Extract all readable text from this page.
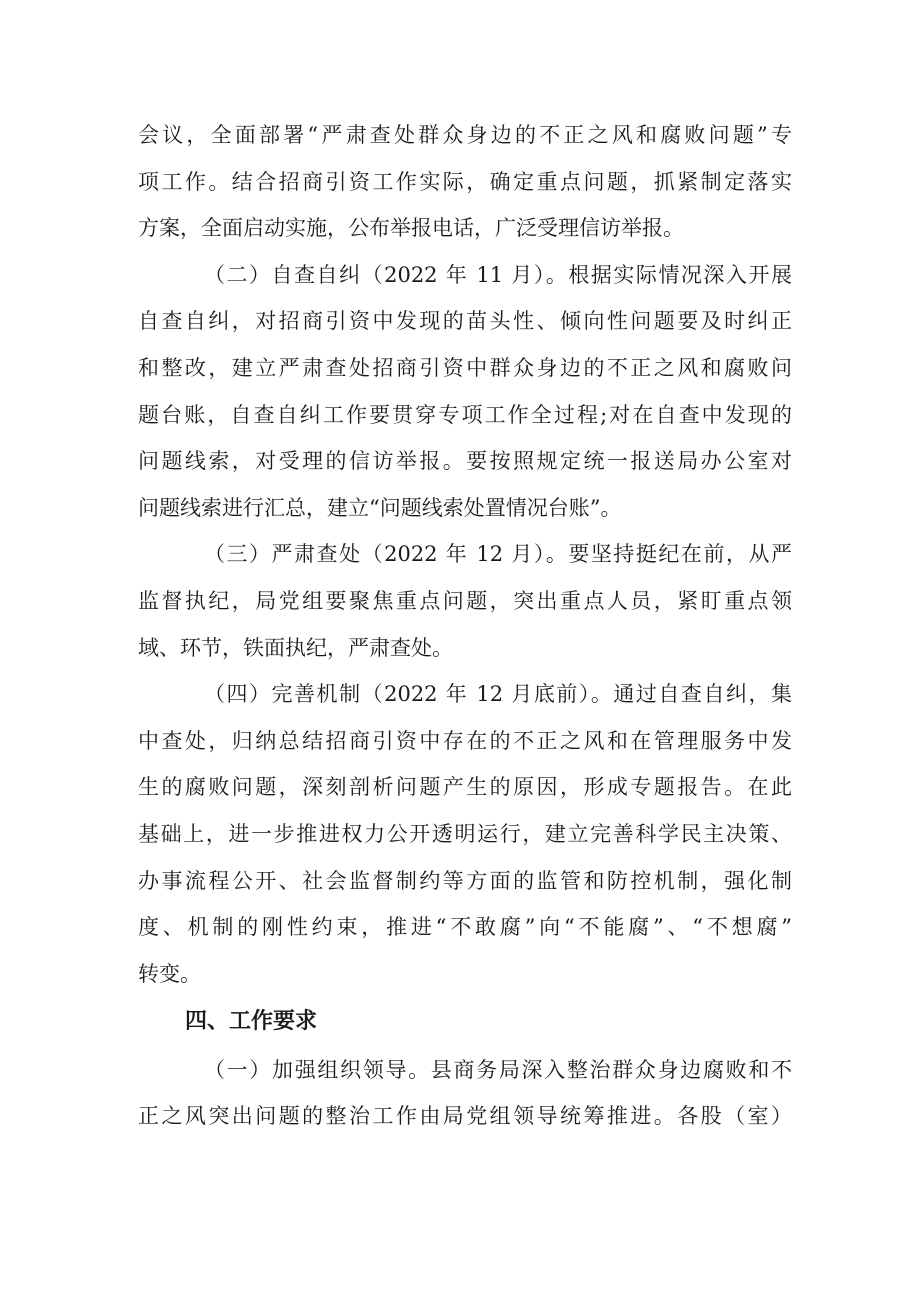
会议，全面部署“严肃查处群众身边的不正之风和腐败问题”专
项工作。结合招商引资工作实际，确定重点问题，抓紧制定落实
方案，全面启动实施，公布举报电话，广泛受理信访举报。
（二）自查自纠（2022 年 11 月）。根据实际情况深入开展
自查自纠，对招商引资中发现的苗头性、倾向性问题要及时纠正
和整改，建立严肃查处招商引资中群众身边的不正之风和腐败问
题台账，自查自纠工作要贯穿专项工作全过程;对在自查中发现的
问题线索，对受理的信访举报。要按照规定统一报送局办公室对
问题线索进行汇总，建立“问题线索处置情况台账”。
（三）严肃查处（2022 年 12 月）。要坚持挺纪在前，从严
监督执纪，局党组要聚焦重点问题，突出重点人员，紧盯重点领
域、环节，铁面执纪，严肃查处。
（四）完善机制（2022 年 12 月底前）。通过自查自纠，集
中查处，归纳总结招商引资中存在的不正之风和在管理服务中发
生的腐败问题，深刻剖析问题产生的原因，形成专题报告。在此
基础上，进一步推进权力公开透明运行，建立完善科学民主决策、
办事流程公开、社会监督制约等方面的监管和防控机制，强化制
度、机制的刚性约束，推进“不敢腐”向“不能腐”、“不想腐”
转变。
四、工作要求
（一）加强组织领导。县商务局深入整治群众身边腐败和不
正之风突出问题的整治工作由局党组领导统筹推进。各股（室）
